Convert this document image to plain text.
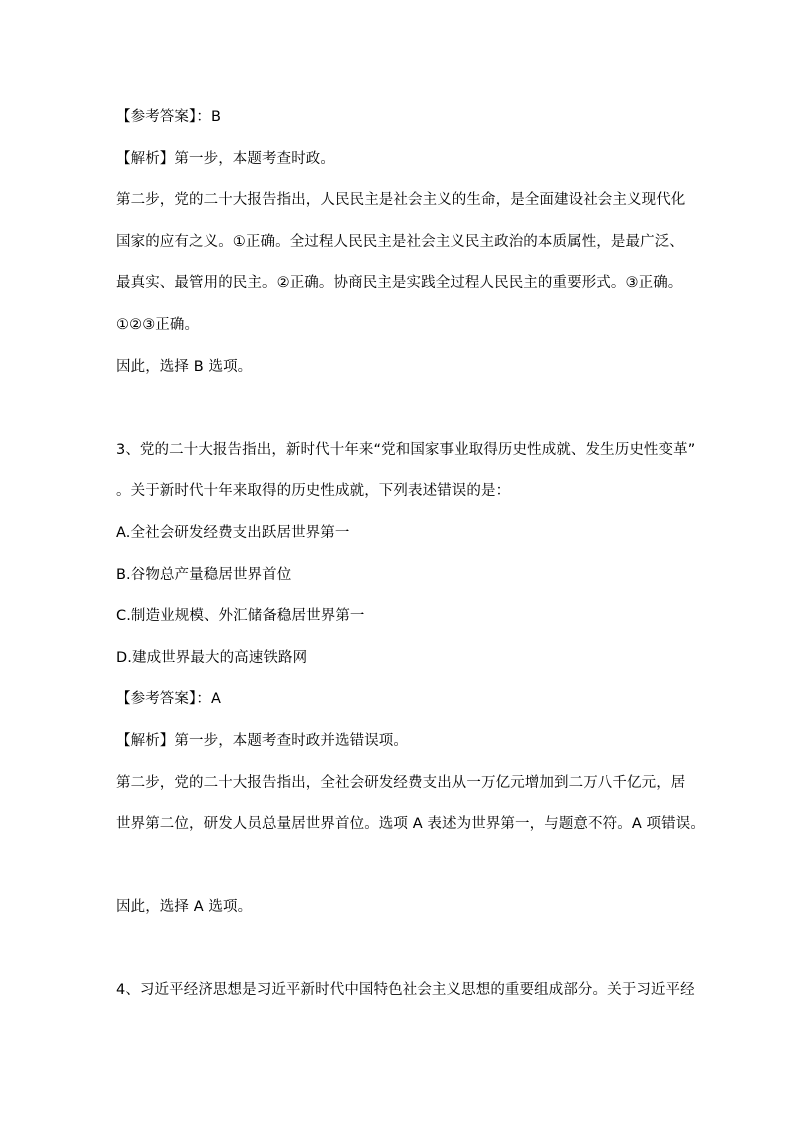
【参考答案】：B
【解析】第一步，本题考查时政。
第二步，党的二十大报告指出，人民民主是社会主义的生命，是全面建设社会主义现代化
国家的应有之义。①正确。全过程人民民主是社会主义民主政治的本质属性，是最广泛、
最真实、最管用的民主。②正确。协商民主是实践全过程人民民主的重要形式。③正确。
①②③正确。
因此，选择 B 选项。
3、党的二十大报告指出，新时代十年来“党和国家事业取得历史性成就、发生历史性变革”
。关于新时代十年来取得的历史性成就，下列表述错误的是：
A.全社会研发经费支出跃居世界第一
B.谷物总产量稳居世界首位
C.制造业规模、外汇储备稳居世界第一
D.建成世界最大的高速铁路网
【参考答案】：A
【解析】第一步，本题考查时政并选错误项。
第二步，党的二十大报告指出，全社会研发经费支出从一万亿元增加到二万八千亿元，居
世界第二位，研发人员总量居世界首位。选项 A 表述为世界第一，与题意不符。A 项错误。
因此，选择 A 选项。
4、习近平经济思想是习近平新时代中国特色社会主义思想的重要组成部分。关于习近平经
